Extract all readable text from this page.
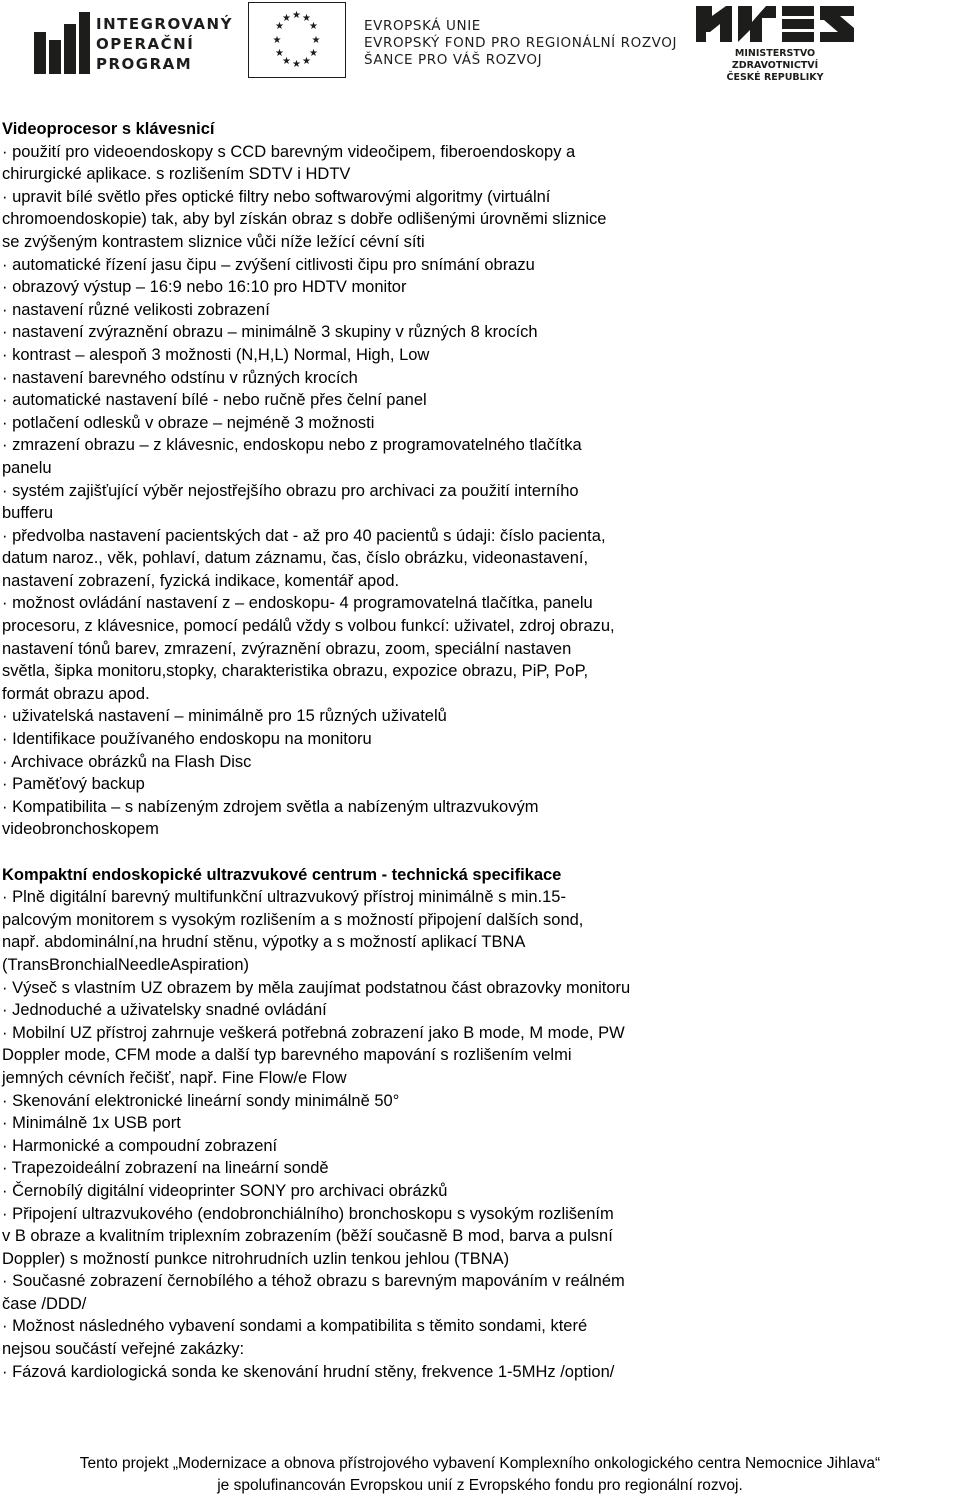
INTEGROVANÝ
OPERAČNÍ
PROGRAM
★ ★
★
★
★
★
★
★
★
★
★
★	EVROPSKÁ UNIE
EVROPSKÝ FOND PRO REGIONÁLNÍ ROZVOJ
ŠANCE PRO VÁŠ ROZVOJ	MINISTERSTVO ZDRAVOTNICTVÍ
ČESKÉ REPUBLIKY
Videoprocesor s klávesnicí
· použití pro videoendoskopy s CCD barevným videočipem, fiberoendoskopy a
chirurgické aplikace. s rozlišením SDTV i HDTV
· upravit bílé světlo přes optické filtry nebo softwarovými algoritmy (virtuální
chromoendoskopie) tak, aby byl získán obraz s dobře odlišenými úrovněmi sliznice
se zvýšeným kontrastem sliznice vůči níže ležící cévní síti
· automatické řízení jasu čipu – zvýšení citlivosti čipu pro snímání obrazu
· obrazový výstup – 16:9 nebo 16:10 pro HDTV monitor
· nastavení různé velikosti zobrazení
· nastavení zvýraznění obrazu – minimálně 3 skupiny v různých 8 krocích
· kontrast – alespoň 3 možnosti (N,H,L) Normal, High, Low
· nastavení barevného odstínu v různých krocích
· automatické nastavení bílé - nebo ručně přes čelní panel
· potlačení odlesků v obraze – nejméně 3 možnosti
· zmrazení obrazu – z klávesnic, endoskopu nebo z programovatelného tlačítka
panelu
· systém zajišťující výběr nejostřejšího obrazu pro archivaci za použití interního
bufferu
· předvolba nastavení pacientských dat - až pro 40 pacientů s údaji: číslo pacienta,
datum naroz., věk, pohlaví, datum záznamu, čas, číslo obrázku, videonastavení,
nastavení zobrazení, fyzická indikace, komentář apod.
· možnost ovládání nastavení z – endoskopu- 4 programovatelná tlačítka, panelu
procesoru, z klávesnice, pomocí pedálů vždy s volbou funkcí: uživatel, zdroj obrazu,
nastavení tónů barev, zmrazení, zvýraznění obrazu, zoom, speciální nastaven
světla, šipka monitoru,stopky, charakteristika obrazu, expozice obrazu, PiP, PoP,
formát obrazu apod.
· uživatelská nastavení – minimálně pro 15 různých uživatelů
· Identifikace používaného endoskopu na monitoru
· Archivace obrázků na Flash Disc
· Paměťový backup
· Kompatibilita – s nabízeným zdrojem světla a nabízeným ultrazvukovým
videobronchoskopem
Kompaktní endoskopické ultrazvukové centrum - technická specifikace
· Plně digitální barevný multifunkční ultrazvukový přístroj minimálně s min.15-
palcovým monitorem s vysokým rozlišením a s možností připojení dalších sond,
např. abdominální,na hrudní stěnu, výpotky a s možností aplikací TBNA
(TransBronchialNeedleAspiration)
· Výseč s vlastním UZ obrazem by měla zaujímat podstatnou část obrazovky monitoru
· Jednoduché a uživatelsky snadné ovládání
· Mobilní UZ přístroj zahrnuje veškerá potřebná zobrazení jako B mode, M mode, PW
Doppler mode, CFM mode a další typ barevného mapování s rozlišením velmi
jemných cévních řečišť, např. Fine Flow/e Flow
· Skenování elektronické lineární sondy minimálně 50°
· Minimálně 1x USB port
· Harmonické a compoudní zobrazení
· Trapezoideální zobrazení na lineární sondě
· Černobílý digitální videoprinter SONY pro archivaci obrázků
· Připojení ultrazvukového (endobronchiálního) bronchoskopu s vysokým rozlišením
v B obraze a kvalitním triplexním zobrazením (běží současně B mod, barva a pulsní
Doppler) s možností punkce nitrohrudních uzlin tenkou jehlou (TBNA)
· Současné zobrazení černobílého a téhož obrazu s barevným mapováním v reálném
čase /DDD/
· Možnost následného vybavení sondami a kompatibilita s těmito sondami, které
nejsou součástí veřejné zakázky:
· Fázová kardiologická sonda ke skenování hrudní stěny, frekvence 1-5MHz /option/
Tento projekt „Modernizace a obnova přístrojového vybavení Komplexního onkologického centra Nemocnice Jihlava“
je spolufinancován Evropskou unií z Evropského fondu pro regionální rozvoj.
